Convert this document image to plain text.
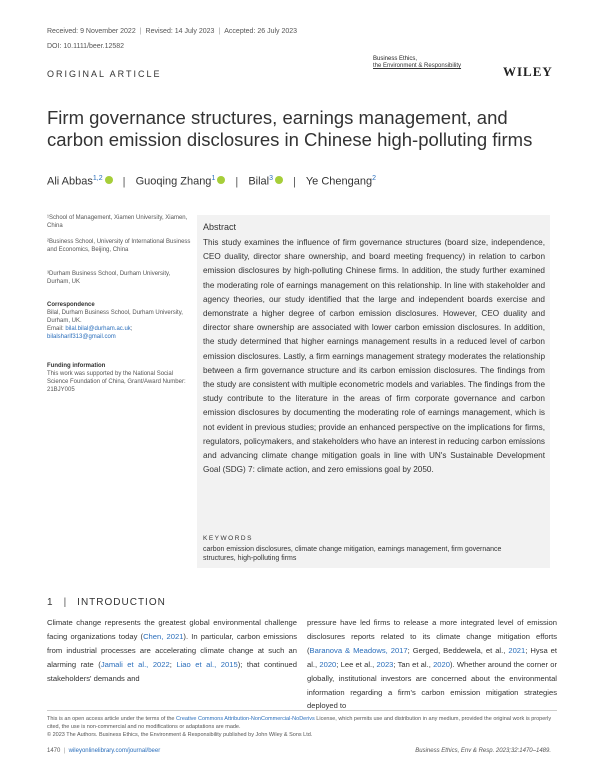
Received: 9 November 2022 | Revised: 14 July 2023 | Accepted: 26 July 2023
DOI: 10.1111/beer.12582
ORIGINAL ARTICLE
Business Ethics,
the Environment & Responsibility	WILEY
Firm governance structures, earnings management, and carbon emission disclosures in Chinese high-polluting firms
Ali Abbas$^{1,2}$ | Guoqing Zhang$^1$ | Bilal$^3$ | Ye Chengang$^2$
¹School of Management, Xiamen University, Xiamen, China
²Business School, University of International Business and Economics, Beijing, China
³Durham Business School, Durham University, Durham, UK
Correspondence
Bilal, Durham Business School, Durham University, Durham, UK.
Email: bilal.bilal@durham.ac.uk;
bilalsharif313@gmail.com
Funding information
This work was supported by the National Social Science Foundation of China, Grant/Award Number: 21BJY005
Abstract
This study examines the influence of firm governance structures (board size, independence, CEO duality, director share ownership, and board meeting frequency) in relation to carbon emission disclosures by high-polluting Chinese firms. In addition, the study further examined the moderating role of earnings management on this relationship. In line with stakeholder and agency theories, our study identified that the large and independent boards exercise and demonstrate a higher degree of carbon emission disclosures. However, CEO duality and director share ownership are associated with lower carbon emission disclosures. In addition, the study determined that higher earnings management results in a reduced level of carbon emission disclosures. Lastly, a firm earnings management strategy moderates the relationship between a firm governance structure and its carbon emission disclosures. The findings from the study are consistent with multiple econometric models and variables. The findings from the study contribute to the literature in the areas of firm corporate governance and carbon emission disclosures by documenting the moderating role of earnings management, which is not evident in previous studies; provide an enhanced perspective on the implications for firms, regulators, policymakers, and stakeholders who have an interest in reducing carbon emissions and advancing climate change mitigation goals in line with UN's Sustainable Development Goal (SDG) 7: climate action, and zero emissions goal by 2050.
KEYWORDS
carbon emission disclosures, climate change mitigation, earnings management, firm governance structures, high-polluting firms
1 | INTRODUCTION
Climate change represents the greatest global environmental challenge facing organizations today (Chen, 2021). In particular, carbon emissions from industrial processes are accelerating climate change at such an alarming rate (Jamali et al., 2022; Liao et al., 2015); that continued stakeholders' demands and
pressure have led firms to release a more integrated level of emission disclosures reports related to its climate change mitigation efforts (Baranova & Meadows, 2017; Gerged, Beddewela, et al., 2021; Hysa et al., 2020; Lee et al., 2023; Tan et al., 2020). Whether around the corner or globally, institutional investors are concerned about the environmental information regarding a firm's carbon emission mitigation strategies deployed to
This is an open access article under the terms of the Creative Commons Attribution-NonCommercial-NoDerivs License, which permits use and distribution in any medium, provided the original work is properly cited, the use is non-commercial and no modifications or adaptations are made.
© 2023 The Authors. Business Ethics, the Environment & Responsibility published by John Wiley & Sons Ltd.
1470 | wileyonlinelibrary.com/journal/beer	Business Ethics, Env & Resp. 2023;32:1470–1489.
